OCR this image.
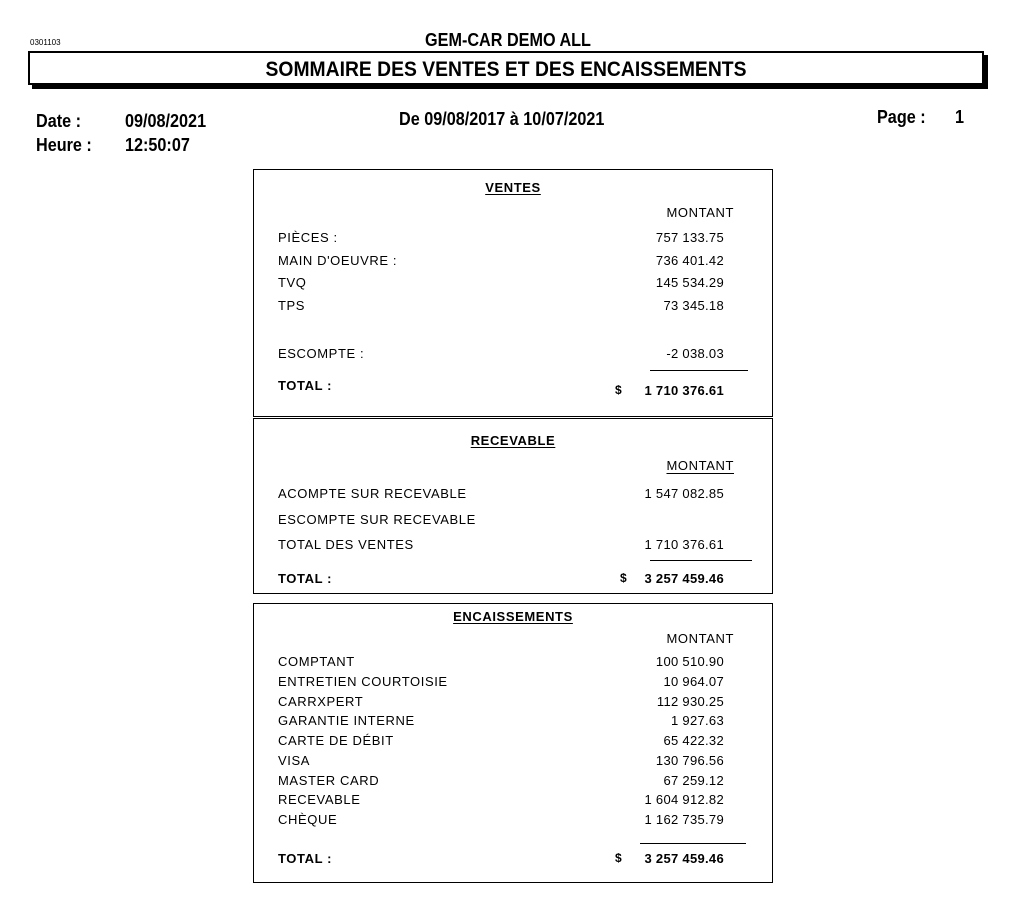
0301103	GEM-CAR DEMO ALL
SOMMAIRE DES VENTES ET DES ENCAISSEMENTS
Date : 09/08/2021
Heure : 12:50:07
De 09/08/2017 à 10/07/2021	Page : 1
VENTES
MONTANT
PIÈCES :	757 133.75
MAIN D'OEUVRE :	736 401.42
TVQ	145 534.29
TPS	73 345.18
ESCOMPTE :	-2 038.03
TOTAL :	$ 1 710 376.61
RECEVABLE
MONTANT
ACOMPTE SUR RECEVABLE	1 547 082.85
ESCOMPTE SUR RECEVABLE
TOTAL DES VENTES	1 710 376.61
TOTAL :	$ 3 257 459.46
ENCAISSEMENTS
MONTANT
COMPTANT	100 510.90
ENTRETIEN COURTOISIE	10 964.07
CARRXPERT	112 930.25
GARANTIE INTERNE	1 927.63
CARTE DE DÉBIT	65 422.32
VISA	130 796.56
MASTER CARD	67 259.12
RECEVABLE	1 604 912.82
CHÈQUE	1 162 735.79
TOTAL :	$ 3 257 459.46
